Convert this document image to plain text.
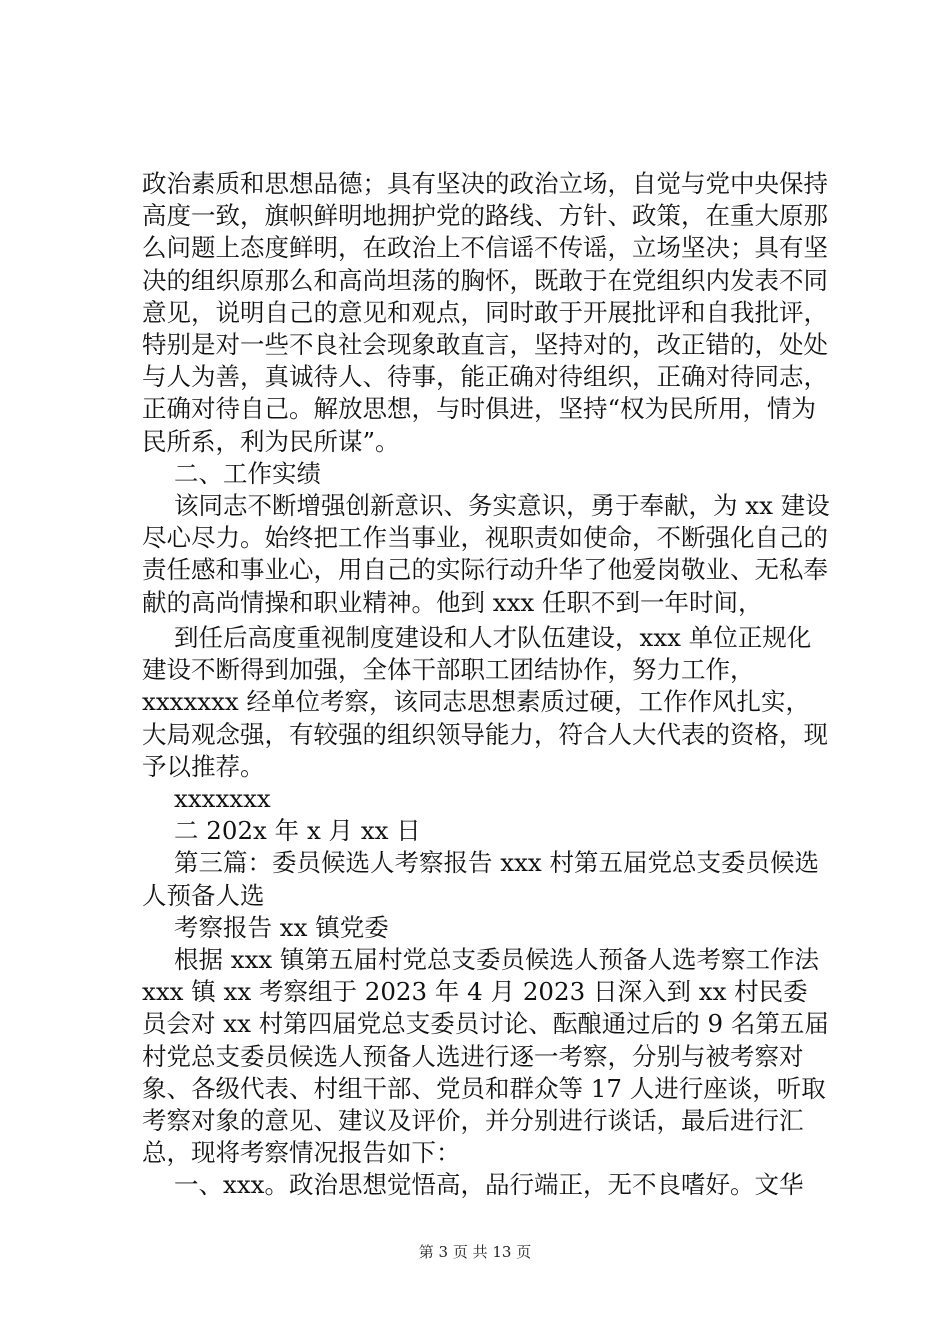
政治素质和思想品德；具有坚决的政治立场，自觉与党中央保持高度一致，旗帜鲜明地拥护党的路线、方针、政策，在重大原那么问题上态度鲜明，在政治上不信谣不传谣，立场坚决；具有坚决的组织原那么和高尚坦荡的胸怀，既敢于在党组织内发表不同意见，说明自己的意见和观点，同时敢于开展批评和自我批评，特别是对一些不良社会现象敢直言，坚持对的，改正错的，处处与人为善，真诚待人、待事，能正确对待组织，正确对待同志，正确对待自己。解放思想，与时俱进，坚持“权为民所用，情为民所系，利为民所谋”。

二、工作实绩

该同志不断增强创新意识、务实意识，勇于奉献，为 xx 建设尽心尽力。始终把工作当事业，视职责如使命，不断强化自己的责任感和事业心，用自己的实际行动升华了他爱岗敬业、无私奉献的高尚情操和职业精神。他到 xxx 任职不到一年时间，

到任后高度重视制度建设和人才队伍建设，xxx 单位正规化建设不断得到加强，全体干部职工团结协作，努力工作，xxxxxxx 经单位考察，该同志思想素质过硬，工作作风扎实，大局观念强，有较强的组织领导能力，符合人大代表的资格，现予以推荐。

xxxxxxx

二 202x 年 x 月 xx 日

第三篇：委员候选人考察报告 xxx 村第五届党总支委员候选人预备人选

考察报告 xx 镇党委

根据 xxx 镇第五届村党总支委员候选人预备人选考察工作法 xxx 镇 xx 考察组于 2023 年 4 月 2023 日深入到 xx 村民委员会对 xx 村第四届党总支委员讨论、酝酿通过后的 9 名第五届村党总支委员候选人预备人选进行逐一考察，分别与被考察对象、各级代表、村组干部、党员和群众等 17 人进行座谈，听取考察对象的意见、建议及评价，并分别进行谈话，最后进行汇总，现将考察情况报告如下：

一、xxx。政治思想觉悟高，品行端正，无不良嗜好。文华

第 3 页 共 13 页
